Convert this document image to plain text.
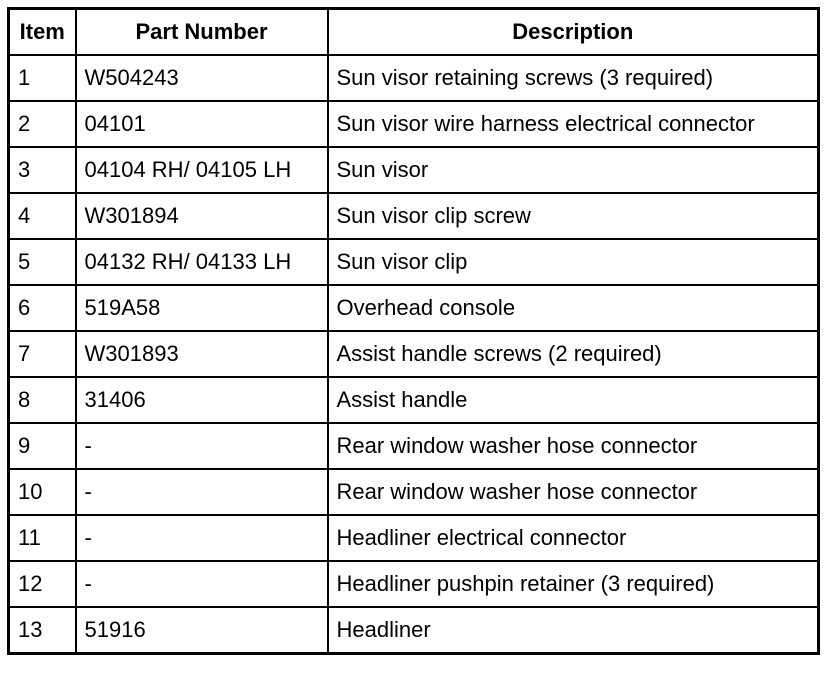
Item	Part Number	Description
1	W504243	Sun visor retaining screws (3 required)
2	04101	Sun visor wire harness electrical connector
3	04104 RH/ 04105 LH	Sun visor
4	W301894	Sun visor clip screw
5	04132 RH/ 04133 LH	Sun visor clip
6	519A58	Overhead console
7	W301893	Assist handle screws (2 required)
8	31406	Assist handle
9	-	Rear window washer hose connector
10	-	Rear window washer hose connector
11	-	Headliner electrical connector
12	-	Headliner pushpin retainer (3 required)
13	51916	Headliner
